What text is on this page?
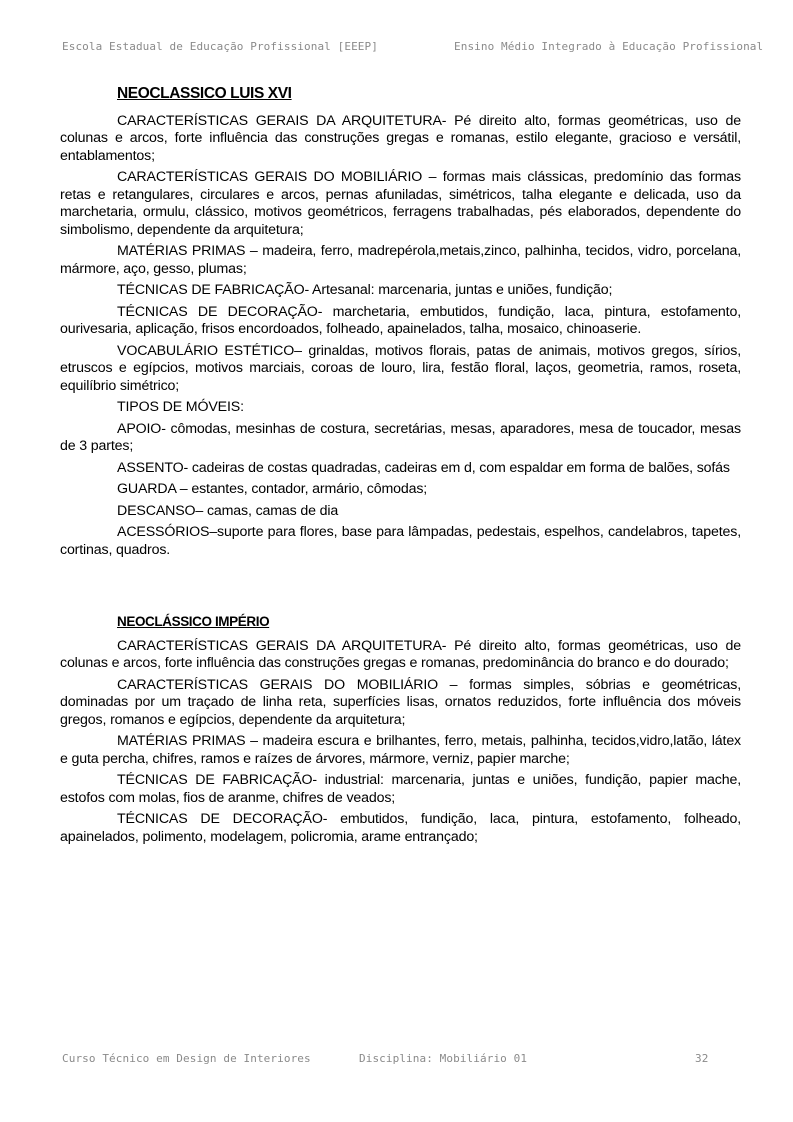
Escola Estadual de Educação Profissional [EEEP]	Ensino Médio Integrado à Educação Profissional
NEOCLASSICO LUIS XVI

CARACTERÍSTICAS GERAIS DA ARQUITETURA- Pé direito alto, formas geométricas, uso de colunas e arcos, forte influência das construções gregas e romanas, estilo elegante, gracioso e versátil, entablamentos;

CARACTERÍSTICAS GERAIS DO MOBILIÁRIO – formas mais clássicas, predomínio das formas retas e retangulares, circulares e arcos, pernas afuniladas, simétricos, talha elegante e delicada, uso da marchetaria, ormulu, clássico, motivos geométricos, ferragens trabalhadas, pés elaborados, dependente do simbolismo, dependente da arquitetura;

MATÉRIAS PRIMAS – madeira, ferro, madrepérola,metais,zinco, palhinha, tecidos, vidro, porcelana, mármore, aço, gesso, plumas;

TÉCNICAS DE FABRICAÇÃO- Artesanal: marcenaria, juntas e uniões, fundição;

TÉCNICAS DE DECORAÇÃO- marchetaria, embutidos, fundição, laca, pintura, estofamento, ourivesaria, aplicação, frisos encordoados, folheado, apainelados, talha, mosaico, chinoaserie.

VOCABULÁRIO ESTÉTICO– grinaldas, motivos florais, patas de animais, motivos gregos, sírios, etruscos e egípcios, motivos marciais, coroas de louro, lira, festão floral, laços, geometria, ramos, roseta, equilíbrio simétrico;

TIPOS DE MÓVEIS:

APOIO- cômodas, mesinhas de costura, secretárias, mesas, aparadores, mesa de toucador, mesas de 3 partes;

ASSENTO- cadeiras de costas quadradas, cadeiras em d, com espaldar em forma de balões, sofás

GUARDA – estantes, contador, armário, cômodas;

DESCANSO– camas, camas de dia

ACESSÓRIOS–suporte para flores, base para lâmpadas, pedestais, espelhos, candelabros, tapetes, cortinas, quadros.

NEOCLÁSSICO IMPÉRIO

CARACTERÍSTICAS GERAIS DA ARQUITETURA- Pé direito alto, formas geométricas, uso de colunas e arcos, forte influência das construções gregas e romanas, predominância do branco e do dourado;

CARACTERÍSTICAS GERAIS DO MOBILIÁRIO – formas simples, sóbrias e geométricas, dominadas por um traçado de linha reta, superfícies lisas, ornatos reduzidos, forte influência dos móveis gregos, romanos e egípcios, dependente da arquitetura;

MATÉRIAS PRIMAS – madeira escura e brilhantes, ferro, metais, palhinha, tecidos,vidro,latão, látex e guta percha, chifres, ramos e raízes de árvores, mármore, verniz, papier marche;

TÉCNICAS DE FABRICAÇÃO- industrial: marcenaria, juntas e uniões, fundição, papier mache, estofos com molas, fios de aranme, chifres de veados;

TÉCNICAS DE DECORAÇÃO- embutidos, fundição, laca, pintura, estofamento, folheado, apainelados, polimento, modelagem, policromia, arame entrançado;

Curso Técnico em Design de Interiores	Disciplina: Mobiliário 01	32
